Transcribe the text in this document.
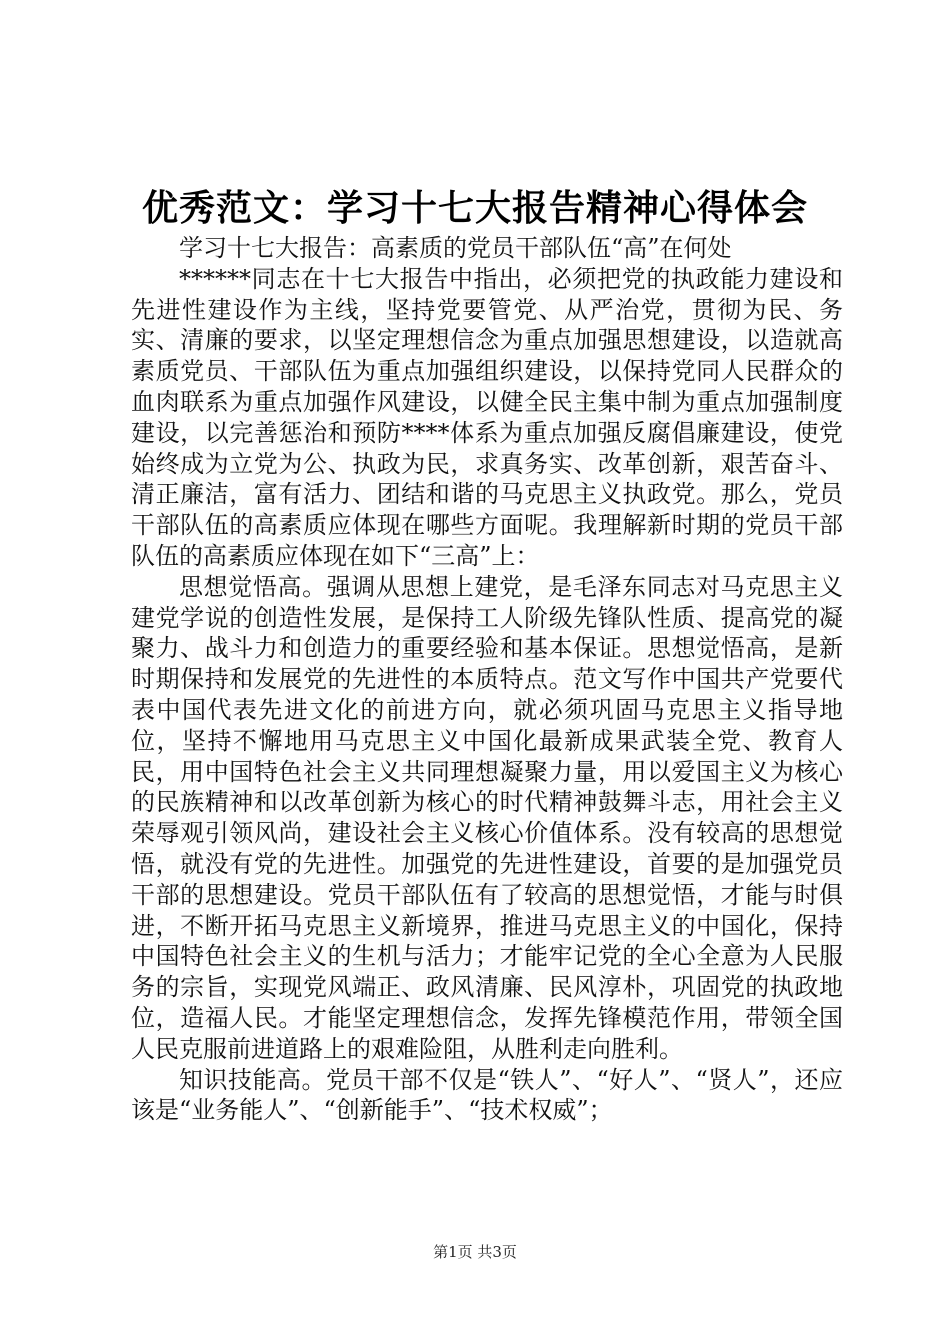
优秀范文：学习十七大报告精神心得体会

学习十七大报告：高素质的党员干部队伍“高”在何处

******同志在十七大报告中指出，必须把党的执政能力建设和先进性建设作为主线，坚持党要管党、从严治党，贯彻为民、务实、清廉的要求，以坚定理想信念为重点加强思想建设，以造就高素质党员、干部队伍为重点加强组织建设，以保持党同人民群众的血肉联系为重点加强作风建设，以健全民主集中制为重点加强制度建设，以完善惩治和预防****体系为重点加强反腐倡廉建设，使党始终成为立党为公、执政为民，求真务实、改革创新，艰苦奋斗、清正廉洁，富有活力、团结和谐的马克思主义执政党。那么，党员干部队伍的高素质应体现在哪些方面呢。我理解新时期的党员干部队伍的高素质应体现在如下“三高”上：

思想觉悟高。强调从思想上建党，是毛泽东同志对马克思主义建党学说的创造性发展，是保持工人阶级先锋队性质、提高党的凝聚力、战斗力和创造力的重要经验和基本保证。思想觉悟高，是新时期保持和发展党的先进性的本质特点。范文写作中国共产党要代表中国代表先进文化的前进方向，就必须巩固马克思主义指导地位，坚持不懈地用马克思主义中国化最新成果武装全党、教育人民，用中国特色社会主义共同理想凝聚力量，用以爱国主义为核心的民族精神和以改革创新为核心的时代精神鼓舞斗志，用社会主义荣辱观引领风尚，建设社会主义核心价值体系。没有较高的思想觉悟，就没有党的先进性。加强党的先进性建设，首要的是加强党员干部的思想建设。党员干部队伍有了较高的思想觉悟，才能与时俱进，不断开拓马克思主义新境界，推进马克思主义的中国化，保持中国特色社会主义的生机与活力；才能牢记党的全心全意为人民服务的宗旨，实现党风端正、政风清廉、民风淳朴，巩固党的执政地位，造福人民。才能坚定理想信念，发挥先锋模范作用，带领全国人民克服前进道路上的艰难险阻，从胜利走向胜利。

知识技能高。党员干部不仅是“铁人”、“好人”、“贤人”，还应该是“业务能人”、“创新能手”、“技术权威”；

第1页 共3页
